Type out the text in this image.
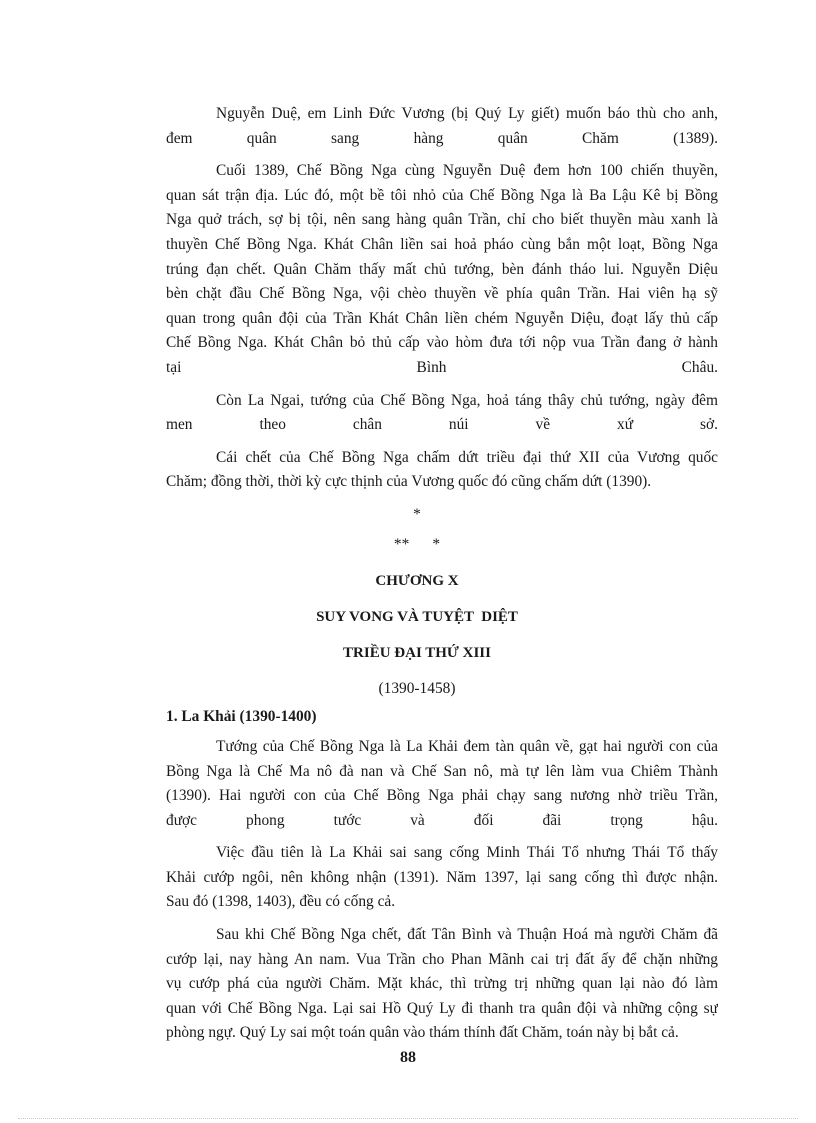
Nguyễn Duệ, em Linh Đức Vương (bị Quý Ly giết) muốn báo thù cho anh,
đem quân sang hàng quân Chăm (1389).

Cuối 1389, Chế Bồng Nga cùng Nguyễn Duệ đem hơn 100 chiến thuyền,
quan sát trận địa. Lúc đó, một bề tôi nhỏ của Chế Bồng Nga là Ba Lậu Kê bị Bồng
Nga quở trách, sợ bị tội, nên sang hàng quân Trần, chỉ cho biết thuyền màu xanh là
thuyền Chế Bồng Nga. Khát Chân liền sai hoả pháo cùng bắn một loạt, Bồng Nga
trúng đạn chết. Quân Chăm thấy mất chủ tướng, bèn đánh tháo lui. Nguyễn Diệu
bèn chặt đầu Chế Bồng Nga, vội chèo thuyền về phía quân Trần. Hai viên hạ sỹ
quan trong quân đội của Trần Khát Chân liền chém Nguyễn Diệu, đoạt lấy thủ cấp
Chế Bồng Nga. Khát Chân bỏ thủ cấp vào hòm đưa tới nộp vua Trần đang ở hành
tại Bình Châu.

Còn La Ngai, tướng của Chế Bồng Nga, hoả táng thây chủ tướng, ngày đêm
men theo chân núi về xứ sở.

Cái chết của Chế Bồng Nga chấm dứt triều đại thứ XII của Vương quốc
Chăm; đồng thời, thời kỳ cực thịnh của Vương quốc đó cũng chấm dứt (1390).

*

**      *

CHƯƠNG X

SUY VONG VÀ TUYỆT  DIỆT

TRIỀU ĐẠI THỨ XIII

(1390-1458)

1. La Khải (1390-1400)

Tướng của Chế Bồng Nga là La Khải đem tàn quân về, gạt hai người con của
Bồng Nga là Chế Ma nô đà nan và Chế San nô, mà tự lên làm vua Chiêm Thành
(1390). Hai người con của Chế Bồng Nga phải chạy sang nương nhờ triều Trần,
được phong tước và đối đãi trọng hậu.

Việc đầu tiên là La Khải sai sang cống Minh Thái Tổ nhưng Thái Tổ thấy
Khải cướp ngôi, nên không nhận (1391). Năm 1397, lại sang cống thì được nhận.
Sau đó (1398, 1403), đều có cống cả.

Sau khi Chế Bồng Nga chết, đất Tân Bình và Thuận Hoá mà người Chăm đã
cướp lại, nay hàng An nam. Vua Trần cho Phan Mãnh cai trị đất ấy để chặn những
vụ cướp phá của người Chăm. Mặt khác, thì trừng trị những quan lại nào đó làm
quan với Chế Bồng Nga. Lại sai Hồ Quý Ly đi thanh tra quân đội và những cộng sự
phòng ngự. Quý Ly sai một toán quân vào thám thính đất Chăm, toán này bị bắt cả.

88
